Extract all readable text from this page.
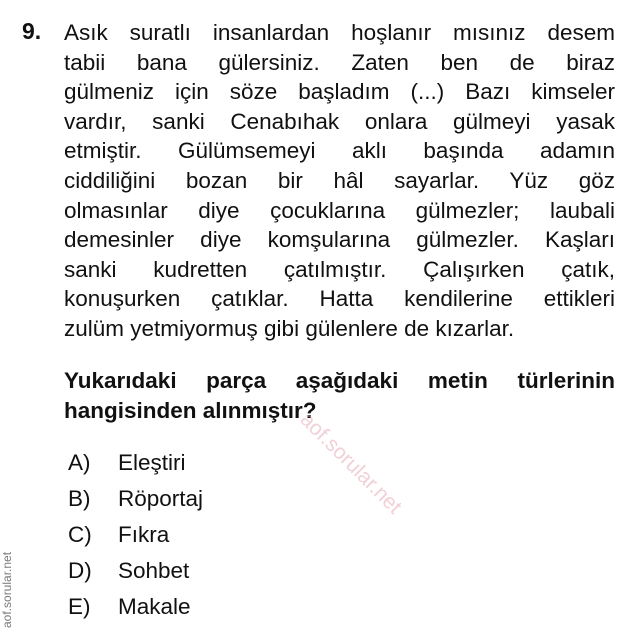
9. Asık suratlı insanlardan hoşlanır mısınız desem
tabii bana gülersiniz. Zaten ben de biraz
gülmeniz için söze başladım (...) Bazı kimseler
vardır, sanki Cenabıhak onlara gülmeyi yasak
etmiştir. Gülümsemeyi aklı başında adamın
ciddiliğini bozan bir hâl sayarlar. Yüz göz
olmasınlar diye çocuklarına gülmezler; laubali
demesinler diye komşularına gülmezler. Kaşları
sanki kudretten çatılmıştır. Çalışırken çatık,
konuşurken çatıklar. Hatta kendilerine ettikleri
zulüm yetmiyormuş gibi gülenlere de kızarlar.
Yukarıdaki parça aşağıdaki metin türlerinin
hangisinden alınmıştır?
A)	Eleştiri
B)	Röportaj
C)	Fıkra
D)	Sohbet
E)	Makale
aof.sorular.net
aof.sorular.net
